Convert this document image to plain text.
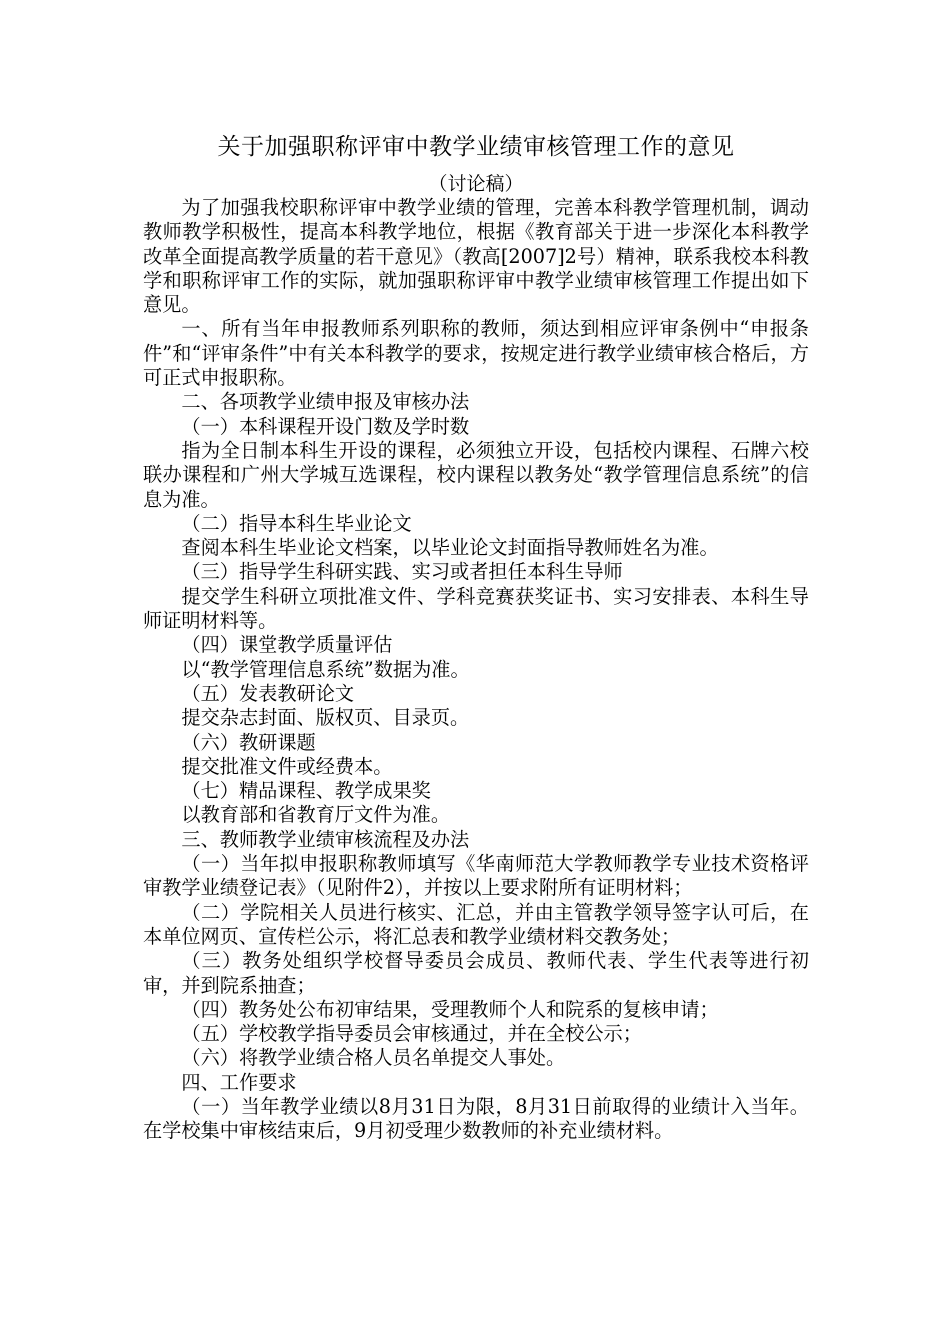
关于加强职称评审中教学业绩审核管理工作的意见
（讨论稿）

为了加强我校职称评审中教学业绩的管理，完善本科教学管理机制，调动教师教学积极性，提高本科教学地位，根据《教育部关于进一步深化本科教学改革全面提高教学质量的若干意见》（教高[2007]2号）精神，联系我校本科教学和职称评审工作的实际，就加强职称评审中教学业绩审核管理工作提出如下意见。

一、所有当年申报教师系列职称的教师，须达到相应评审条例中“申报条件”和“评审条件”中有关本科教学的要求，按规定进行教学业绩审核合格后，方可正式申报职称。

二、各项教学业绩申报及审核办法

（一）本科课程开设门数及学时数

指为全日制本科生开设的课程，必须独立开设，包括校内课程、石牌六校联办课程和广州大学城互选课程，校内课程以教务处“教学管理信息系统”的信息为准。

（二）指导本科生毕业论文

查阅本科生毕业论文档案，以毕业论文封面指导教师姓名为准。

（三）指导学生科研实践、实习或者担任本科生导师

提交学生科研立项批准文件、学科竞赛获奖证书、实习安排表、本科生导师证明材料等。

（四）课堂教学质量评估

以“教学管理信息系统”数据为准。

（五）发表教研论文

提交杂志封面、版权页、目录页。

（六）教研课题

提交批准文件或经费本。

（七）精品课程、教学成果奖

以教育部和省教育厅文件为准。

三、教师教学业绩审核流程及办法

（一）当年拟申报职称教师填写《华南师范大学教师教学专业技术资格评审教学业绩登记表》（见附件2），并按以上要求附所有证明材料；

（二）学院相关人员进行核实、汇总，并由主管教学领导签字认可后，在本单位网页、宣传栏公示，将汇总表和教学业绩材料交教务处；

（三）教务处组织学校督导委员会成员、教师代表、学生代表等进行初审，并到院系抽查；

（四）教务处公布初审结果，受理教师个人和院系的复核申请；

（五）学校教学指导委员会审核通过，并在全校公示；

（六）将教学业绩合格人员名单提交人事处。

四、工作要求

（一）当年教学业绩以8月31日为限，8月31日前取得的业绩计入当年。在学校集中审核结束后，9月初受理少数教师的补充业绩材料。
